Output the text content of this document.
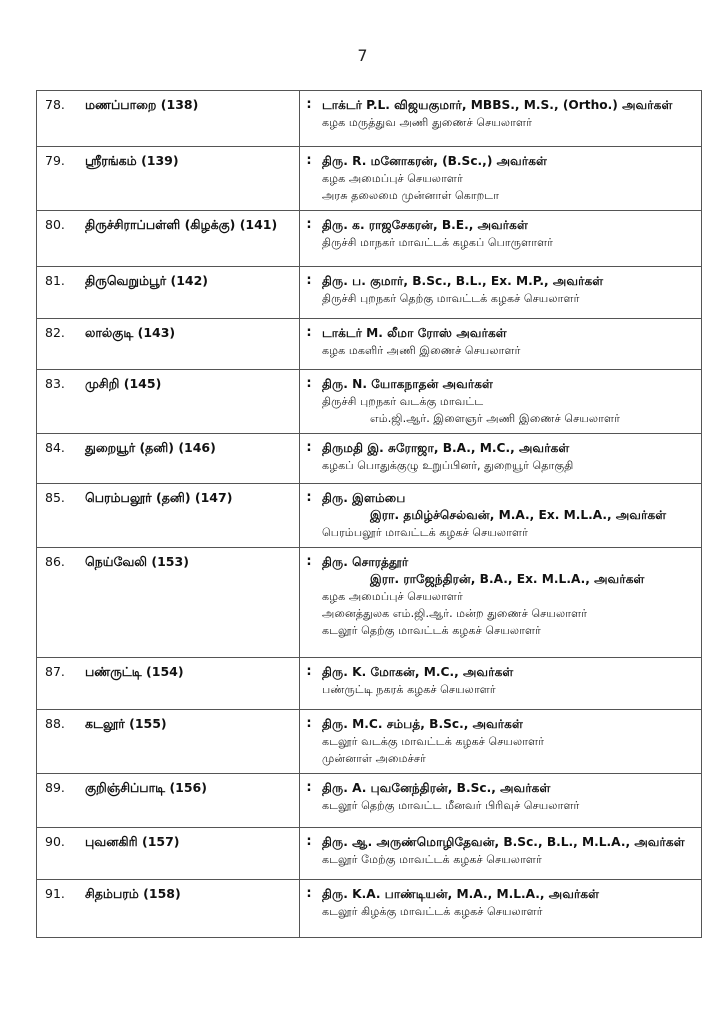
7
78.	மணப்பாறை (138)	:	டாக்டர் P.L. விஜயகுமார், MBBS., M.S., (Ortho.) அவர்கள்
கழக மருத்துவ அணி துணைச் செயலாளர்

79.	ஸ்ரீரங்கம் (139)	:	திரு. R. மனோகரன், (B.Sc.,) அவர்கள்
கழக அமைப்புச் செயலாளர்
அரசு தலைமை முன்னாள் கொறடா

80.	திருச்சிராப்பள்ளி (கிழக்கு) (141)	:	திரு. க. ராஜசேகரன், B.E., அவர்கள்
திருச்சி மாநகர் மாவட்டக் கழகப் பொருளாளர்

81.	திருவெறும்பூர் (142)	:	திரு. ப. குமார், B.Sc., B.L., Ex. M.P., அவர்கள்
திருச்சி புறநகர் தெற்கு மாவட்டக் கழகச் செயலாளர்

82.	லால்குடி (143)	:	டாக்டர் M. லீமா ரோஸ் அவர்கள்
கழக மகளிர் அணி இணைச் செயலாளர்

83.	முசிறி (145)	:	திரு. N. யோகநாதன் அவர்கள்
திருச்சி புறநகர் வடக்கு மாவட்ட
எம்.ஜி.ஆர். இளைஞர் அணி இணைச் செயலாளர்

84.	துறையூர் (தனி) (146)	:	திருமதி இ. சுரோஜா, B.A., M.C., அவர்கள்
கழகப் பொதுக்குழு உறுப்பினர், துறையூர் தொகுதி

85.	பெரம்பலூர் (தனி) (147)	:	திரு. இளம்பை
இரா. தமிழ்ச்செல்வன், M.A., Ex. M.L.A., அவர்கள்
பெரம்பலூர் மாவட்டக் கழகச் செயலாளர்

86.	நெய்வேலி (153)	:	திரு. சொரத்தூர்
இரா. ராஜேந்திரன், B.A., Ex. M.L.A., அவர்கள்
கழக அமைப்புச் செயலாளர்
அனைத்துலக எம்.ஜி.ஆர். மன்ற துணைச் செயலாளர்
கடலூர் தெற்கு மாவட்டக் கழகச் செயலாளர்

87.	பண்ருட்டி (154)	:	திரு. K. மோகன், M.C., அவர்கள்
பண்ருட்டி நகரக் கழகச் செயலாளர்

88.	கடலூர் (155)	:	திரு. M.C. சம்பத், B.Sc., அவர்கள்
கடலூர் வடக்கு மாவட்டக் கழகச் செயலாளர்
முன்னாள் அமைச்சர்

89.	குறிஞ்சிப்பாடி (156)	:	திரு. A. புவனேந்திரன், B.Sc., அவர்கள்
கடலூர் தெற்கு மாவட்ட மீனவர் பிரிவுச் செயலாளர்

90.	புவனகிரி (157)	:	திரு. ஆ. அருண்மொழிதேவன், B.Sc., B.L., M.L.A., அவர்கள்
கடலூர் மேற்கு மாவட்டக் கழகச் செயலாளர்

91.	சிதம்பரம் (158)	:	திரு. K.A. பாண்டியன், M.A., M.L.A., அவர்கள்
கடலூர் கிழக்கு மாவட்டக் கழகச் செயலாளர்
